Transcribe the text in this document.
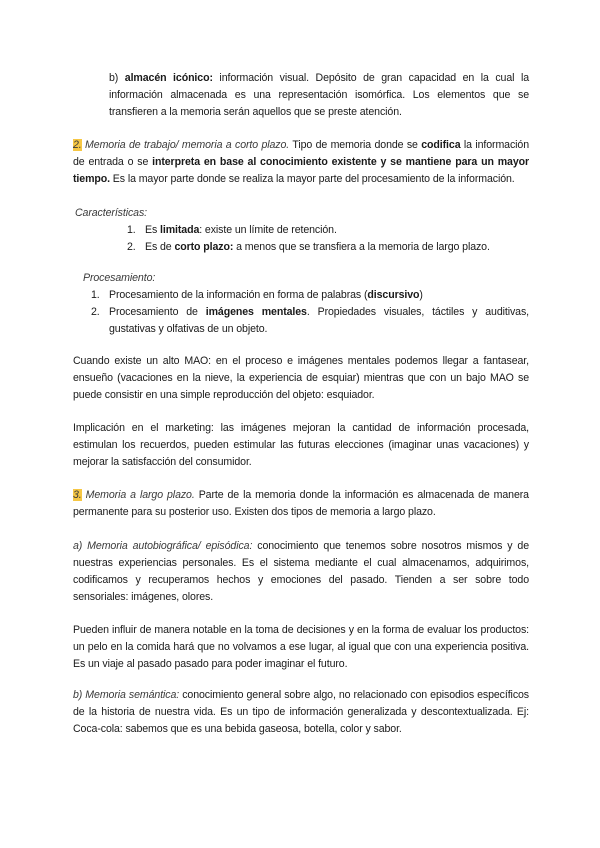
b) almacén icónico: información visual. Depósito de gran capacidad en la cual la información almacenada es una representación isomórfica. Los elementos que se transfieren a la memoria serán aquellos que se preste atención.

2. Memoria de trabajo/ memoria a corto plazo. Tipo de memoria donde se codifica la información de entrada o se interpreta en base al conocimiento existente y se mantiene para un mayor tiempo. Es la mayor parte donde se realiza la mayor parte del procesamiento de la información.

Características:

1. Es limitada: existe un límite de retención.
2. Es de corto plazo: a menos que se transfiera a la memoria de largo plazo.

Procesamiento:

1. Procesamiento de la información en forma de palabras (discursivo)
2. Procesamiento de imágenes mentales. Propiedades visuales, táctiles y auditivas, gustativas y olfativas de un objeto.

Cuando existe un alto MAO: en el proceso e imágenes mentales podemos llegar a fantasear, ensueño (vacaciones en la nieve, la experiencia de esquiar) mientras que con un bajo MAO se puede consistir en una simple reproducción del objeto: esquiador.

Implicación en el marketing: las imágenes mejoran la cantidad de información procesada, estimulan los recuerdos, pueden estimular las futuras elecciones (imaginar unas vacaciones) y mejorar la satisfacción del consumidor.

3. Memoria a largo plazo. Parte de la memoria donde la información es almacenada de manera permanente para su posterior uso. Existen dos tipos de memoria a largo plazo.

a) Memoria autobiográfica/ episódica: conocimiento que tenemos sobre nosotros mismos y de nuestras experiencias personales. Es el sistema mediante el cual almacenamos, adquirimos, codificamos y recuperamos hechos y emociones del pasado. Tienden a ser sobre todo sensoriales: imágenes, olores.

Pueden influir de manera notable en la toma de decisiones y en la forma de evaluar los productos: un pelo en la comida hará que no volvamos a ese lugar, al igual que con una experiencia positiva. Es un viaje al pasado pasado para poder imaginar el futuro.

b) Memoria semántica: conocimiento general sobre algo, no relacionado con episodios específicos de la historia de nuestra vida. Es un tipo de información generalizada y descontextualizada. Ej: Coca-cola: sabemos que es una bebida gaseosa, botella, color y sabor.
